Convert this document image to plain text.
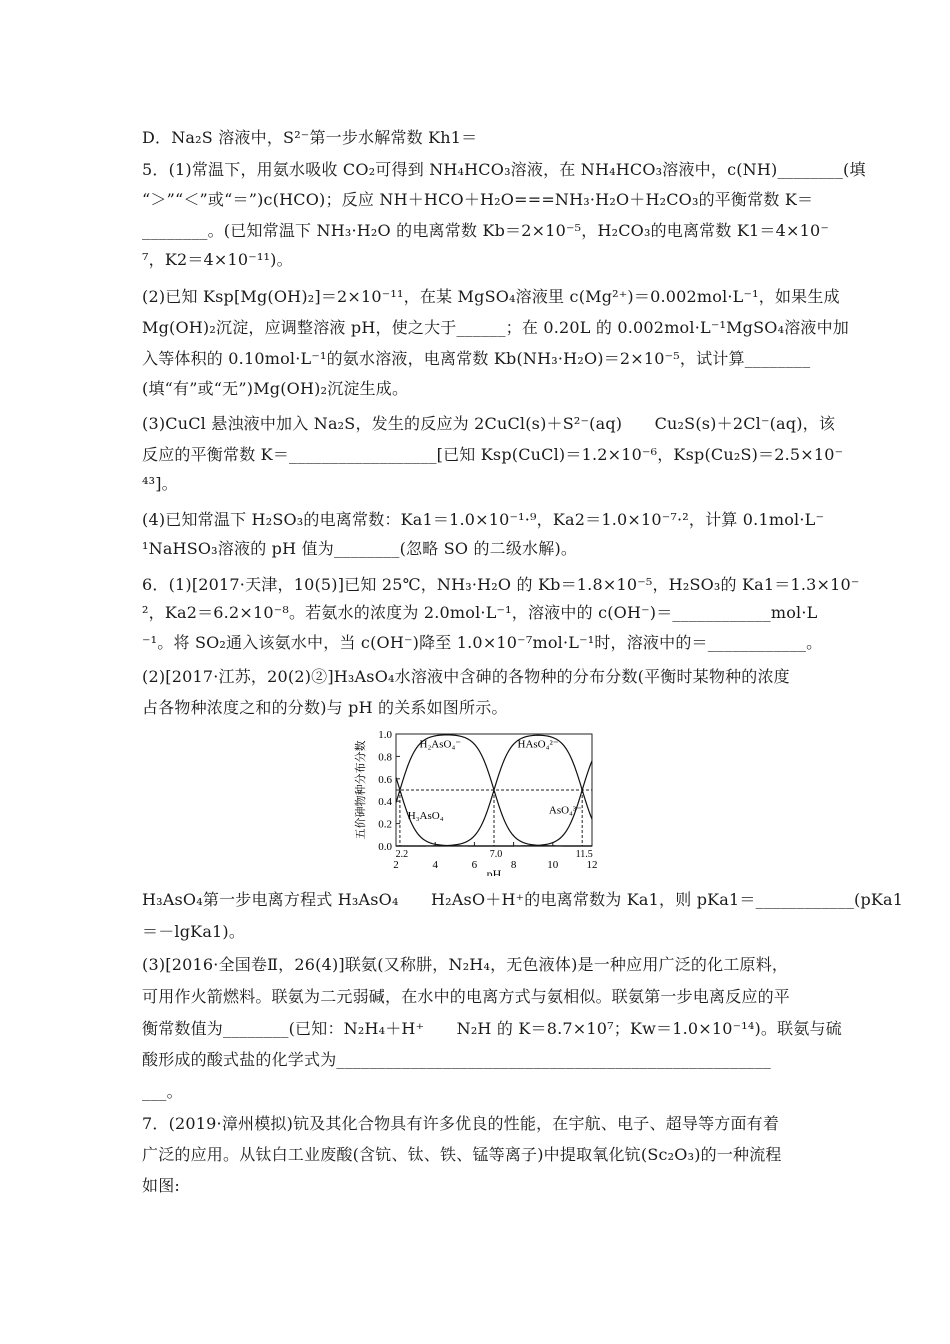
D．Na₂S 溶液中，S²⁻第一步水解常数 Kh1＝
5．(1)常温下，用氨水吸收 CO₂可得到 NH₄HCO₃溶液，在 NH₄HCO₃溶液中，c(NH)________(填
“＞”“＜”或“＝”)c(HCO)；反应 NH＋HCO＋H₂O===NH₃·H₂O＋H₂CO₃的平衡常数 K＝
________。(已知常温下 NH₃·H₂O 的电离常数 Kb＝2×10⁻⁵，H₂CO₃的电离常数 K1＝4×10⁻
⁷，K2＝4×10⁻¹¹)。
(2)已知 Ksp[Mg(OH)₂]＝2×10⁻¹¹，在某 MgSO₄溶液里 c(Mg²⁺)＝0.002mol·L⁻¹，如果生成
Mg(OH)₂沉淀，应调整溶液 pH，使之大于______；在 0.20L 的 0.002mol·L⁻¹MgSO₄溶液中加
入等体积的 0.10mol·L⁻¹的氨水溶液，电离常数 Kb(NH₃·H₂O)＝2×10⁻⁵，试计算________
(填“有”或“无”)Mg(OH)₂沉淀生成。
(3)CuCl 悬浊液中加入 Na₂S，发生的反应为 2CuCl(s)＋S²⁻(aq)　　Cu₂S(s)＋2Cl⁻(aq)，该
反应的平衡常数 K＝__________________[已知 Ksp(CuCl)＝1.2×10⁻⁶，Ksp(Cu₂S)＝2.5×10⁻
⁴³]。
(4)已知常温下 H₂SO₃的电离常数：Ka1＝1.0×10⁻¹·⁹，Ka2＝1.0×10⁻⁷·²，计算 0.1mol·L⁻
¹NaHSO₃溶液的 pH 值为________(忽略 SO 的二级水解)。
6．(1)[2017·天津，10(5)]已知 25℃，NH₃·H₂O 的 Kb＝1.8×10⁻⁵，H₂SO₃的 Ka1＝1.3×10⁻
²，Ka2＝6.2×10⁻⁸。若氨水的浓度为 2.0mol·L⁻¹，溶液中的 c(OH⁻)＝____________mol·L
⁻¹。将 SO₂通入该氨水中，当 c(OH⁻)降至 1.0×10⁻⁷mol·L⁻¹时，溶液中的＝____________。
(2)[2017·江苏，20(2)②]H₃AsO₄水溶液中含砷的各物种的分布分数(平衡时某物种的浓度
占各物种浓度之和的分数)与 pH 的关系如图所示。
0.0
0.2
0.4
0.6
0.8
1.0
2	4	6	8	10	12
2.2	7.0	11.5
pH
五价砷物种分布分数	H₂AsO₄⁻	HAsO₄²⁻
H₃AsO₄	AsO₄³⁻
H₃AsO₄第一步电离方程式 H₃AsO₄　　H₂AsO＋H⁺的电离常数为 Ka1，则 pKa1＝____________(pKa1
＝－lgKa1)。
(3)[2016·全国卷Ⅱ，26(4)]联氨(又称肼，N₂H₄，无色液体)是一种应用广泛的化工原料，
可用作火箭燃料。联氨为二元弱碱，在水中的电离方式与氨相似。联氨第一步电离反应的平
衡常数值为________(已知：N₂H₄＋H⁺　　N₂H 的 K＝8.7×10⁷；Kw＝1.0×10⁻¹⁴)。联氨与硫
酸形成的酸式盐的化学式为_____________________________________________________
___。
7．(2019·漳州模拟)钪及其化合物具有许多优良的性能，在宇航、电子、超导等方面有着
广泛的应用。从钛白工业废酸(含钪、钛、铁、锰等离子)中提取氧化钪(Sc₂O₃)的一种流程
如图:
